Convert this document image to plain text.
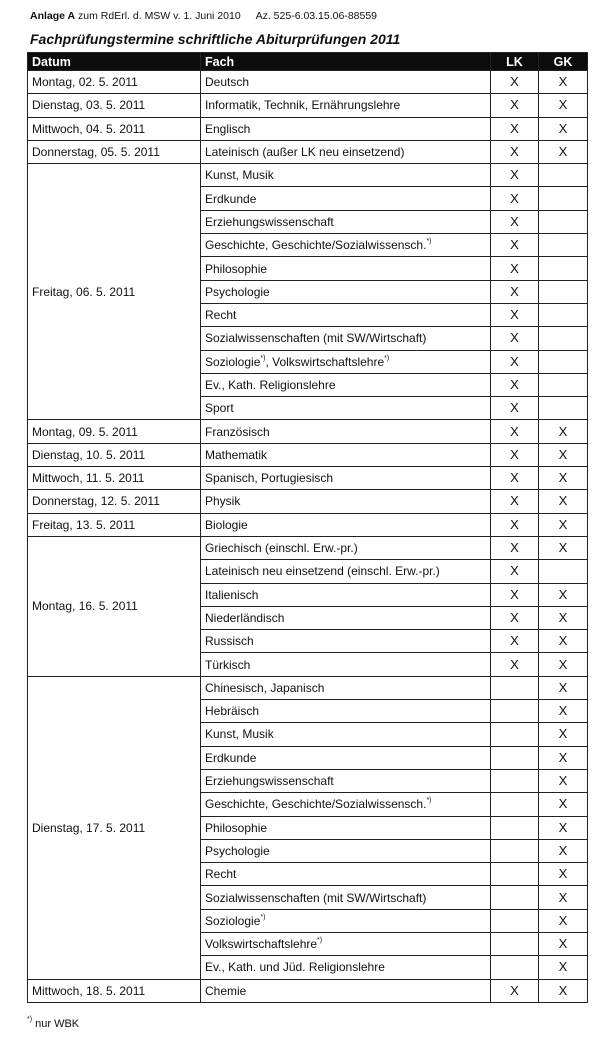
Anlage A zum RdErl. d. MSW v. 1. Juni 2010 Az. 525-6.03.15.06-88559
Fachprüfungstermine schriftliche Abiturprüfungen 2011
Datum	Fach	LK	GK
Montag, 02. 5. 2011	Deutsch	X	X
Dienstag, 03. 5. 2011	Informatik, Technik, Ernährungslehre	X	X
Mittwoch, 04. 5. 2011	Englisch	X	X
Donnerstag, 05. 5. 2011	Lateinisch (außer LK neu einsetzend)	X	X
Freitag, 06. 5. 2011	Kunst, Musik	X	
	Erdkunde	X	
	Erziehungswissenschaft	X	
	Geschichte, Geschichte/Sozialwissensch.*)	X	
	Philosophie	X	
	Psychologie	X	
	Recht	X	
	Sozialwissenschaften (mit SW/Wirtschaft)	X	
	Soziologie*), Volkswirtschaftslehre*)	X	
	Ev., Kath. Religionslehre	X	
	Sport	X	
Montag, 09. 5. 2011	Französisch	X	X
Dienstag, 10. 5. 2011	Mathematik	X	X
Mittwoch, 11. 5. 2011	Spanisch, Portugiesisch	X	X
Donnerstag, 12. 5. 2011	Physik	X	X
Freitag, 13. 5. 2011	Biologie	X	X
Montag, 16. 5. 2011	Griechisch (einschl. Erw.-pr.)	X	X
	Lateinisch neu einsetzend (einschl. Erw.-pr.)	X	
	Italienisch	X	X
	Niederländisch	X	X
	Russisch	X	X
	Türkisch	X	X
Dienstag, 17. 5. 2011	Chinesisch, Japanisch		X
	Hebräisch		X
	Kunst, Musik		X
	Erdkunde		X
	Erziehungswissenschaft		X
	Geschichte, Geschichte/Sozialwissensch.*)		X
	Philosophie		X
	Psychologie		X
	Recht		X
	Sozialwissenschaften (mit SW/Wirtschaft)		X
	Soziologie*)		X
	Volkswirtschaftslehre*)		X
	Ev., Kath. und Jüd. Religionslehre		X
Mittwoch, 18. 5. 2011	Chemie	X	X
*) nur WBK
